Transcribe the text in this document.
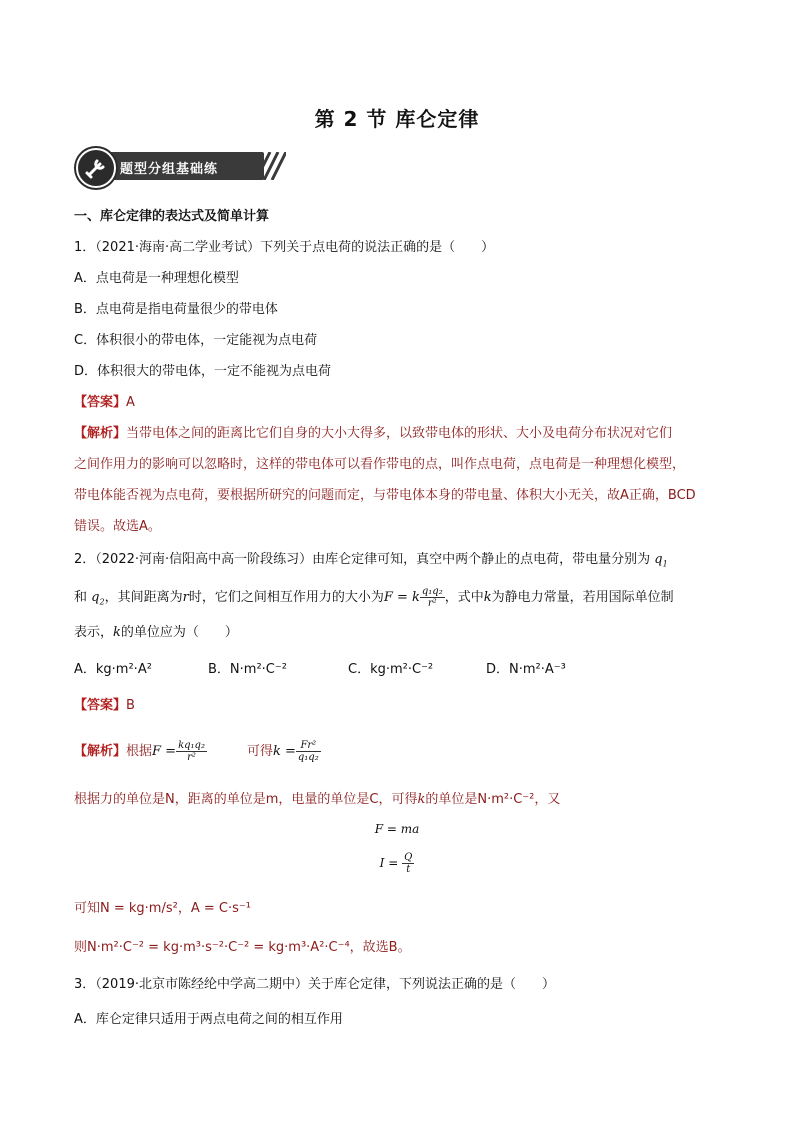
第 2 节 库仑定律
题型分组基础练
一、库仑定律的表达式及简单计算
1．（2021·海南·高二学业考试）下列关于点电荷的说法正确的是（　　）
A．点电荷是一种理想化模型
B．点电荷是指电荷量很少的带电体
C．体积很小的带电体，一定能视为点电荷
D．体积很大的带电体，一定不能视为点电荷
【答案】A
【解析】当带电体之间的距离比它们自身的大小大得多，以致带电体的形状、大小及电荷分布状况对它们
之间作用力的影响可以忽略时，这样的带电体可以看作带电的点，叫作点电荷，点电荷是一种理想化模型，
带电体能否视为点电荷，要根据所研究的问题而定，与带电体本身的带电量、体积大小无关，故A正确，BCD
错误。故选A。
2．（2022·河南·信阳高中高一阶段练习）由库仑定律可知，真空中两个静止的点电荷，带电量分别为 $q_1$
和 $q_2$，其间距离为r时，它们之间相互作用力的大小为F = k $\frac{\text{q₁q₂}}{\text{r²}}$ ，式中k为静电力常量，若用国际单位制
表示，k的单位应为（　　）
A．kg·m²·A²	B．N·m²·C⁻²	C．kg·m²·C⁻²	D．N·m²·A⁻³
【答案】B
【解析】根据$F = \frac{\text{kq₁q₂}}{\text{r²}}$	可得$k = \frac{\text{Fr²}}{\text{q₁q₂}}$
根据力的单位是N，距离的单位是m，电量的单位是C，可得k的单位是N·m²·C⁻²，又
F = ma
$I = \frac{Q}{t}$
可知N = kg·m/s²，A = C·s⁻¹
则N·m²·C⁻² = kg·m³·s⁻²·C⁻² = kg·m³·A²·C⁻⁴，故选B。
3．（2019·北京市陈经纶中学高二期中）关于库仑定律，下列说法正确的是（　　）
A．库仑定律只适用于两点电荷之间的相互作用
